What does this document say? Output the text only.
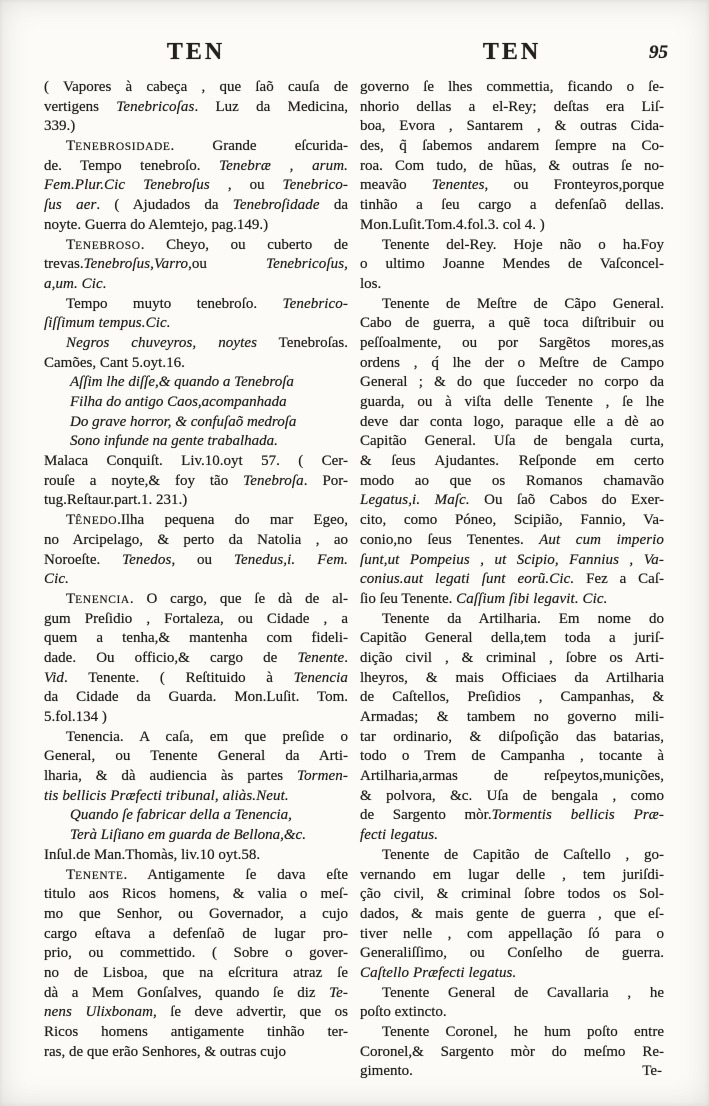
TEN	TEN	95
( Vapores à cabeça , que ſaõ cauſa de
vertigens Tenebricoſas. Luz da Medicina,
339.)
TENEBROSIDADE. Grande eſcurida-
de. Tempo tenebroſo. Tenebræ , arum.
Fem.Plur.Cic Tenebroſus , ou Tenebrico-
ſus aer. ( Ajudados da Tenebroſidade da
noyte. Guerra do Alemtejo, pag.149.)
TENEBROSO. Cheyo, ou cuberto de
trevas.Tenebroſus,Varro,ou Tenebricoſus,
a,um. Cic.
Tempo muyto tenebroſo. Tenebrico-
ſiſſimum tempus.Cic.
Negros chuveyros, noytes Tenebroſas.
Camões, Cant 5.oyt.16.
Aſſim lhe diſſe,& quando a Tenebroſa
Filha do antigo Caos,acompanhada
Do grave horror, & confuſaõ medroſa
Sono infunde na gente trabalhada.
Malaca Conquiſt. Liv.10.oyt 57. ( Cer-
rouſe a noyte,& foy tão Tenebroſa. Por-
tug.Reſtaur.part.1. 231.)
TÊNEDO.Ilha pequena do mar Egeo,
no Arcipelago, & perto da Natolia , ao
Noroeſte. Tenedos, ou Tenedus,i. Fem.
Cic.
TENENCIA. O cargo, que ſe dà de al-
gum Preſidio , Fortaleza, ou Cidade , a
quem a tenha,& mantenha com fideli-
dade. Ou officio,& cargo de Tenente.
Vid. Tenente. ( Reſtituido à Tenencia
da Cidade da Guarda. Mon.Luſit. Tom.
5.fol.134 )
Tenencia. A caſa, em que preſide o
General, ou Tenente General da Arti-
lharia, & dà audiencia às partes Tormen-
tis bellicis Præfecti tribunal, aliàs.Neut.
Quando ſe fabricar della a Tenencia,
Terà Liſiano em guarda de Bellona,&c.
Inſul.de Man.Thomàs, liv.10 oyt.58.
TENENTE. Antigamente ſe dava eſte
titulo aos Ricos homens, & valia o meſ-
mo que Senhor, ou Governador, a cujo
cargo eſtava a defenſaõ de lugar pro-
prio, ou commettido. ( Sobre o gover-
no de Lisboa, que na eſcritura atraz ſe
dà a Mem Gonſalves, quando ſe diz Te-
nens Ulixbonam, ſe deve advertir, que os
Ricos homens antigamente tinhão ter-
ras, de que erão Senhores, & outras cujo
governo ſe lhes commettia, ficando o ſe-
nhorio dellas a el-Rey; deſtas era Liſ-
boa, Evora , Santarem , & outras Cida-
des, q̃ ſabemos andarem ſempre na Co-
roa. Com tudo, de hũas, & outras ſe no-
meavão Tenentes, ou Fronteyros,porque
tinhão a ſeu cargo a defenſaõ dellas.
Mon.Luſit.Tom.4.fol.3. col 4. )
Tenente del-Rey. Hoje não o ha.Foy
o ultimo Joanne Mendes de Vaſconcel-
los.
Tenente de Meſtre de Cãpo General.
Cabo de guerra, a quẽ toca diſtribuir ou
peſſoalmente, ou por Sargẽtos mores,as
ordens , q́ lhe der o Meſtre de Campo
General ; & do que ſucceder no corpo da
guarda, ou à viſta delle Tenente , ſe lhe
deve dar conta logo, paraque elle a dè ao
Capitão General. Uſa de bengala curta,
& ſeus Ajudantes. Reſponde em certo
modo ao que os Romanos chamavão
Legatus,i. Maſc. Ou ſaõ Cabos do Exer-
cito, como Póneo, Scipião, Fannio, Va-
conio,no ſeus Tenentes. Aut cum imperio
ſunt,ut Pompeius , ut Scipio, Fannius , Va-
conius.aut legati ſunt eorũ.Cic. Fez a Caſ-
ſio ſeu Tenente. Caſſium ſibi legavit. Cic.
Tenente da Artilharia. Em nome do
Capitão General della,tem toda a juriſ-
dição civil , & criminal , ſobre os Arti-
lheyros, & mais Officiaes da Artilharia
de Caſtellos, Preſidios , Campanhas, &
Armadas; & tambem no governo mili-
tar ordinario, & diſpoſição das batarias,
todo o Trem de Campanha , tocante à
Artilharia,armas de reſpeytos,munições,
& polvora, &c. Uſa de bengala , como
de Sargento mòr.Tormentis bellicis Præ-
fecti legatus.
Tenente de Capitão de Caſtello , go-
vernando em lugar delle , tem juriſdi-
ção civil, & criminal ſobre todos os Sol-
dados, & mais gente de guerra , que eſ-
tiver nelle , com appellação ſó para o
Generaliſſimo, ou Conſelho de guerra.
Caſtello Præfecti legatus.
Tenente General de Cavallaria , he
poſto extincto.
Tenente Coronel, he hum poſto entre
Coronel,& Sargento mòr do meſmo Re-
gimento.	Te-
